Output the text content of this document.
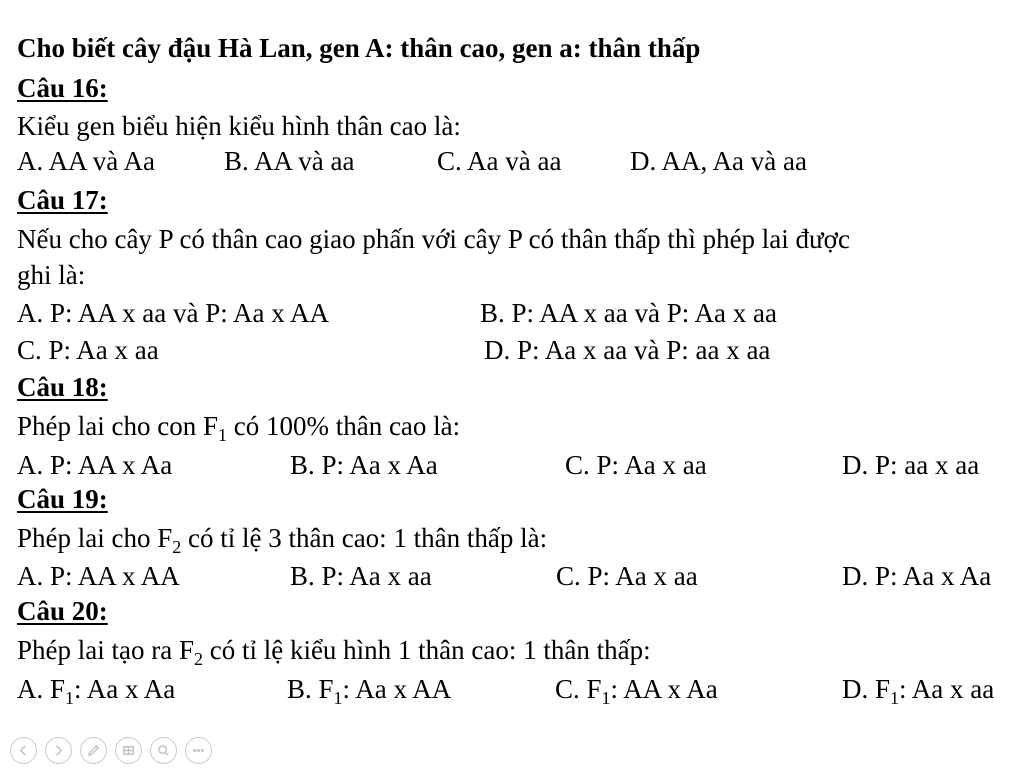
Cho biết cây đậu Hà Lan, gen A: thân cao, gen a: thân thấp
Câu 16:
Kiểu gen biểu hiện kiểu hình thân cao là:
A. AA và Aa	B. AA và aa	C. Aa và aa	D. AA, Aa và aa
Câu 17:
Nếu cho cây P có thân cao giao phấn với cây P có thân thấp thì phép lai được
ghi là:
A. P: AA x aa và P: Aa x AA	B. P: AA x aa và P: Aa x aa
C. P: Aa x aa	D. P: Aa x aa và P: aa x aa
Câu 18:
Phép lai cho con $F_1$ có 100% thân cao là:
A. P: AA x Aa	B. P: Aa x Aa	C. P: Aa x aa	D. P: aa x aa
Câu 19:
Phép lai cho $F_2$ có tỉ lệ 3 thân cao: 1 thân thấp là:
A. P: AA x AA	B. P: Aa x aa	C. P: Aa x aa	D. P: Aa x Aa
Câu 20:
Phép lai tạo ra $F_2$ có tỉ lệ kiểu hình 1 thân cao: 1 thân thấp:
A. $F_1$: Aa x Aa	B. $F_1$: Aa x AA	C. $F_1$: AA x Aa	D. $F_1$: Aa x aa
